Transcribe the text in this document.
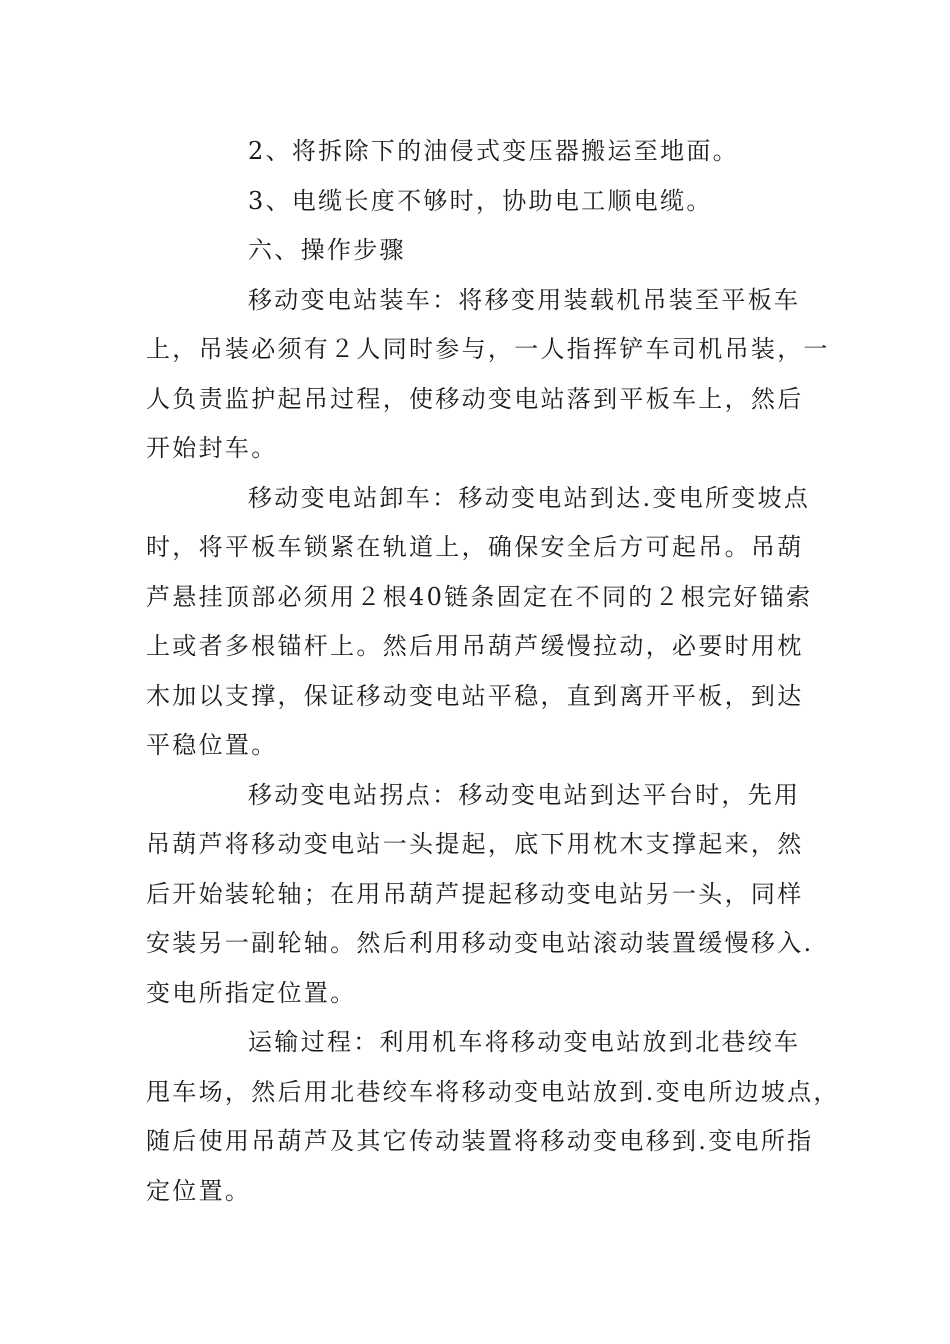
2、将拆除下的油侵式变压器搬运至地面。
3、电缆长度不够时，协助电工顺电缆。
六、操作步骤
移动变电站装车：将移变用装载机吊装至平板车
上，吊装必须有２人同时参与，一人指挥铲车司机吊装，一
人负责监护起吊过程，使移动变电站落到平板车上，然后
开始封车。
移动变电站卸车：移动变电站到达.变电所变坡点
时，将平板车锁紧在轨道上，确保安全后方可起吊。吊葫
芦悬挂顶部必须用２根40链条固定在不同的２根完好锚索
上或者多根锚杆上。然后用吊葫芦缓慢拉动，必要时用枕
木加以支撑，保证移动变电站平稳，直到离开平板，到达
平稳位置。
移动变电站拐点：移动变电站到达平台时，先用
吊葫芦将移动变电站一头提起，底下用枕木支撑起来，然
后开始装轮轴；在用吊葫芦提起移动变电站另一头，同样
安装另一副轮轴。然后利用移动变电站滚动装置缓慢移入.
变电所指定位置。
运输过程：利用机车将移动变电站放到北巷绞车
甩车场，然后用北巷绞车将移动变电站放到.变电所边坡点，
随后使用吊葫芦及其它传动装置将移动变电移到.变电所指
定位置。
